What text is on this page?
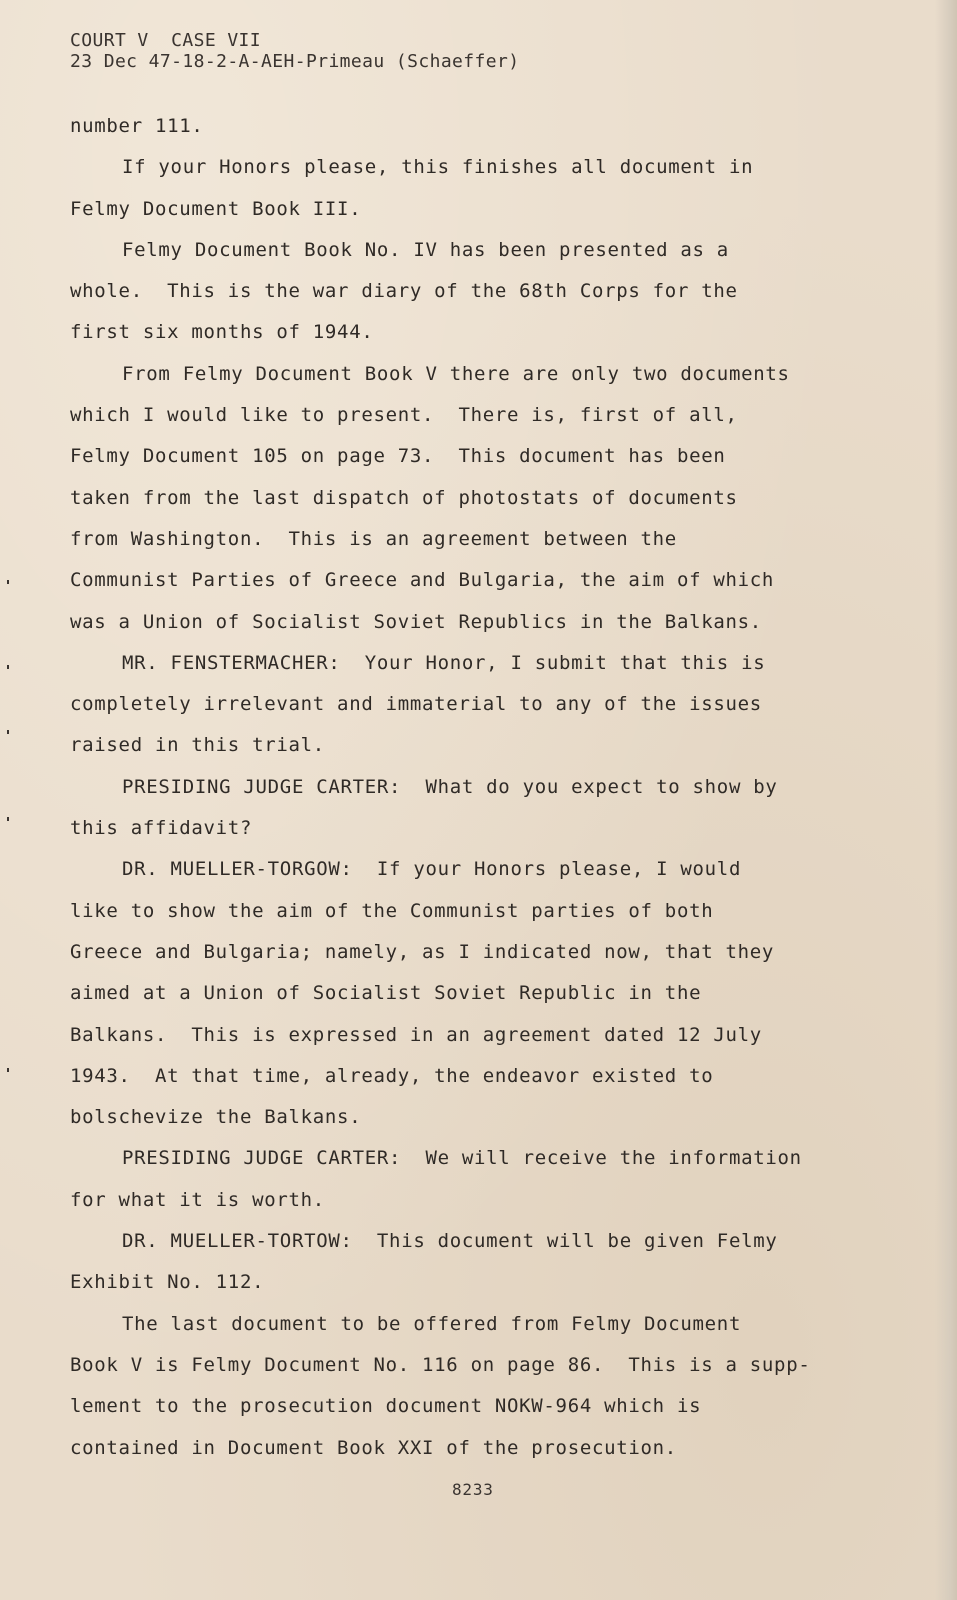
COURT V  CASE VII
23 Dec 47-18-2-A-AEH-Primeau (Schaeffer)
number 111.
If your Honors please, this finishes all document in
Felmy Document Book III.
Felmy Document Book No. IV has been presented as a
whole.  This is the war diary of the 68th Corps for the
first six months of 1944.
From Felmy Document Book V there are only two documents
which I would like to present.  There is, first of all,
Felmy Document 105 on page 73.  This document has been
taken from the last dispatch of photostats of documents
from Washington.  This is an agreement between the
Communist Parties of Greece and Bulgaria, the aim of which
was a Union of Socialist Soviet Republics in the Balkans.
MR. FENSTERMACHER:  Your Honor, I submit that this is
completely irrelevant and immaterial to any of the issues
raised in this trial.
PRESIDING JUDGE CARTER:  What do you expect to show by
this affidavit?
DR. MUELLER-TORGOW:  If your Honors please, I would
like to show the aim of the Communist parties of both
Greece and Bulgaria; namely, as I indicated now, that they
aimed at a Union of Socialist Soviet Republic in the
Balkans.  This is expressed in an agreement dated 12 July
1943.  At that time, already, the endeavor existed to
bolschevize the Balkans.
PRESIDING JUDGE CARTER:  We will receive the information
for what it is worth.
DR. MUELLER-TORTOW:  This document will be given Felmy
Exhibit No. 112.
The last document to be offered from Felmy Document
Book V is Felmy Document No. 116 on page 86.  This is a supp-
lement to the prosecution document NOKW-964 which is
contained in Document Book XXI of the prosecution.
8233
